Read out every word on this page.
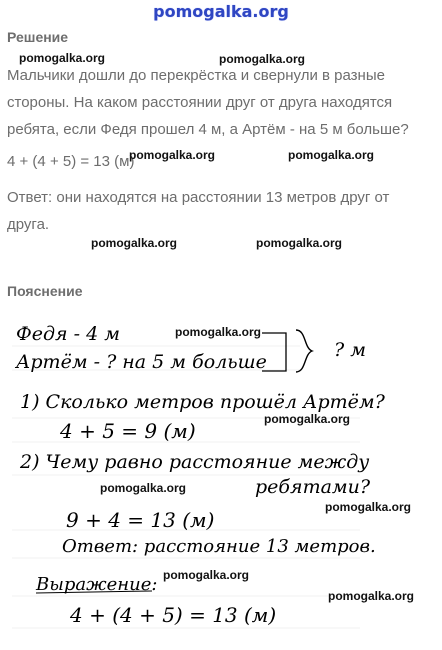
pomogalka.org
Решение
Мальчики дошли до перекрёстка и свернули в разные стороны. На каком расстоянии друг от друга находятся ребята, если Федя прошел 4 м, а Артём - на 5 м больше?
4 + (4 + 5) = 13 (м)
Ответ: они находятся на расстоянии 13 метров друг от друга.
Пояснение
Федя - 4 м
Артём - ? на 5 м больше
? м
1) Сколько метров прошёл Артём?
4 + 5 = 9 (м)
2) Чему равно расстояние между
ребятами?
9 + 4 = 13 (м)
Ответ: расстояние 13 метров.
Выражение:
4 + (4 + 5) = 13 (м)
pomogalka.org	pomogalka.org
pomogalka.org	pomogalka.org
pomogalka.org	pomogalka.org
pomogalka.org
pomogalka.org
pomogalka.org
pomogalka.org
pomogalka.org
pomogalka.org
